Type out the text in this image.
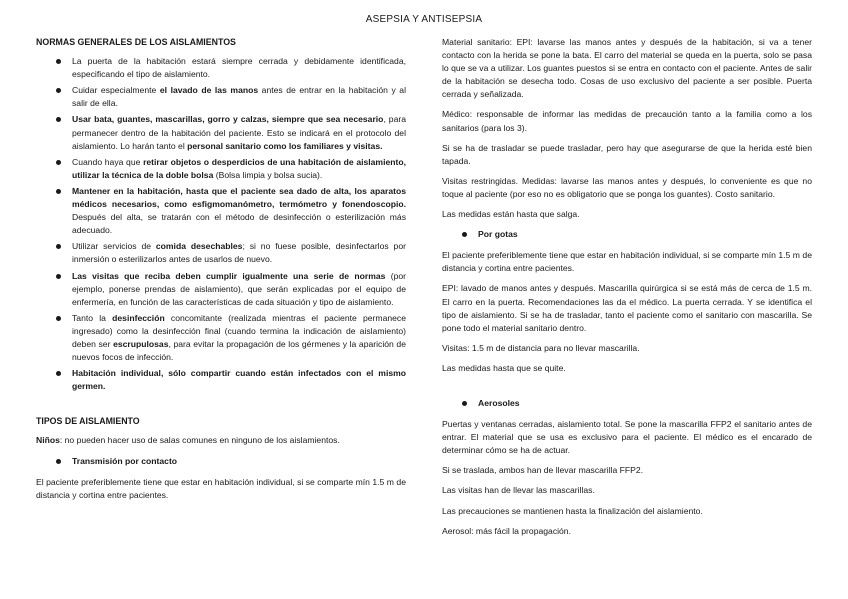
ASEPSIA Y ANTISEPSIA
NORMAS GENERALES DE LOS AISLAMIENTOS
La puerta de la habitación estará siempre cerrada y debidamente identificada, especificando el tipo de aislamiento.
Cuidar especialmente el lavado de las manos antes de entrar en la habitación y al salir de ella.
Usar bata, guantes, mascarillas, gorro y calzas, siempre que sea necesario, para permanecer dentro de la habitación del paciente. Esto se indicará en el protocolo del aislamiento. Lo harán tanto el personal sanitario como los familiares y visitas.
Cuando haya que retirar objetos o desperdicios de una habitación de aislamiento, utilizar la técnica de la doble bolsa (Bolsa limpia y bolsa sucia).
Mantener en la habitación, hasta que el paciente sea dado de alta, los aparatos médicos necesarios, como esfigmomanómetro, termómetro y fonendoscopio. Después del alta, se tratarán con el método de desinfección o esterilización más adecuado.
Utilizar servicios de comida desechables; si no fuese posible, desinfectarlos por inmersión o esterilizarlos antes de usarlos de nuevo.
Las visitas que reciba deben cumplir igualmente una serie de normas (por ejemplo, ponerse prendas de aislamiento), que serán explicadas por el equipo de enfermería, en función de las características de cada situación y tipo de aislamiento.
Tanto la desinfección concomitante (realizada mientras el paciente permanece ingresado) como la desinfección final (cuando termina la indicación de aislamiento) deben ser escrupulosas, para evitar la propagación de los gérmenes y la aparición de nuevos focos de infección.
Habitación individual, sólo compartir cuando están infectados con el mismo germen.
TIPOS DE AISLAMIENTO

Niños: no pueden hacer uso de salas comunes en ninguno de los aislamientos.

Transmisión por contacto

El paciente preferiblemente tiene que estar en habitación individual, si se comparte mín 1.5 m de distancia y cortina entre pacientes.

Material sanitario: EPI: lavarse las manos antes y después de la habitación, si va a tener contacto con la herida se pone la bata. El carro del material se queda en la puerta, solo se pasa lo que se va a utilizar. Los guantes puestos si se entra en contacto con el paciente. Antes de salir de la habitación se desecha todo. Cosas de uso exclusivo del paciente a ser posible. Puerta cerrada y señalizada.

Médico: responsable de informar las medidas de precaución tanto a la familia como a los sanitarios (para los 3).

Si se ha de trasladar se puede trasladar, pero hay que asegurarse de que la herida esté bien tapada.

Visitas restringidas. Medidas: lavarse las manos antes y después, lo conveniente es que no toque al paciente (por eso no es obligatorio que se ponga los guantes). Costo sanitario.

Las medidas están hasta que salga.

Por gotas

El paciente preferiblemente tiene que estar en habitación individual, si se comparte mín 1.5 m de distancia y cortina entre pacientes.

EPI: lavado de manos antes y después. Mascarilla quirúrgica si se está más de cerca de 1.5 m. El carro en la puerta. Recomendaciones las da el médico. La puerta cerrada. Y se identifica el tipo de aislamiento. Si se ha de trasladar, tanto el paciente como el sanitario con mascarilla. Se pone todo el material sanitario dentro.

Visitas: 1.5 m de distancia para no llevar mascarilla.

Las medidas hasta que se quite.

Aerosoles

Puertas y ventanas cerradas, aislamiento total. Se pone la mascarilla FFP2 el sanitario antes de entrar. El material que se usa es exclusivo para el paciente. El médico es el encarado de determinar cómo se ha de actuar.

Si se traslada, ambos han de llevar mascarilla FFP2.

Las visitas han de llevar las mascarillas.

Las precauciones se mantienen hasta la finalización del aislamiento.

Aerosol: más fácil la propagación.
